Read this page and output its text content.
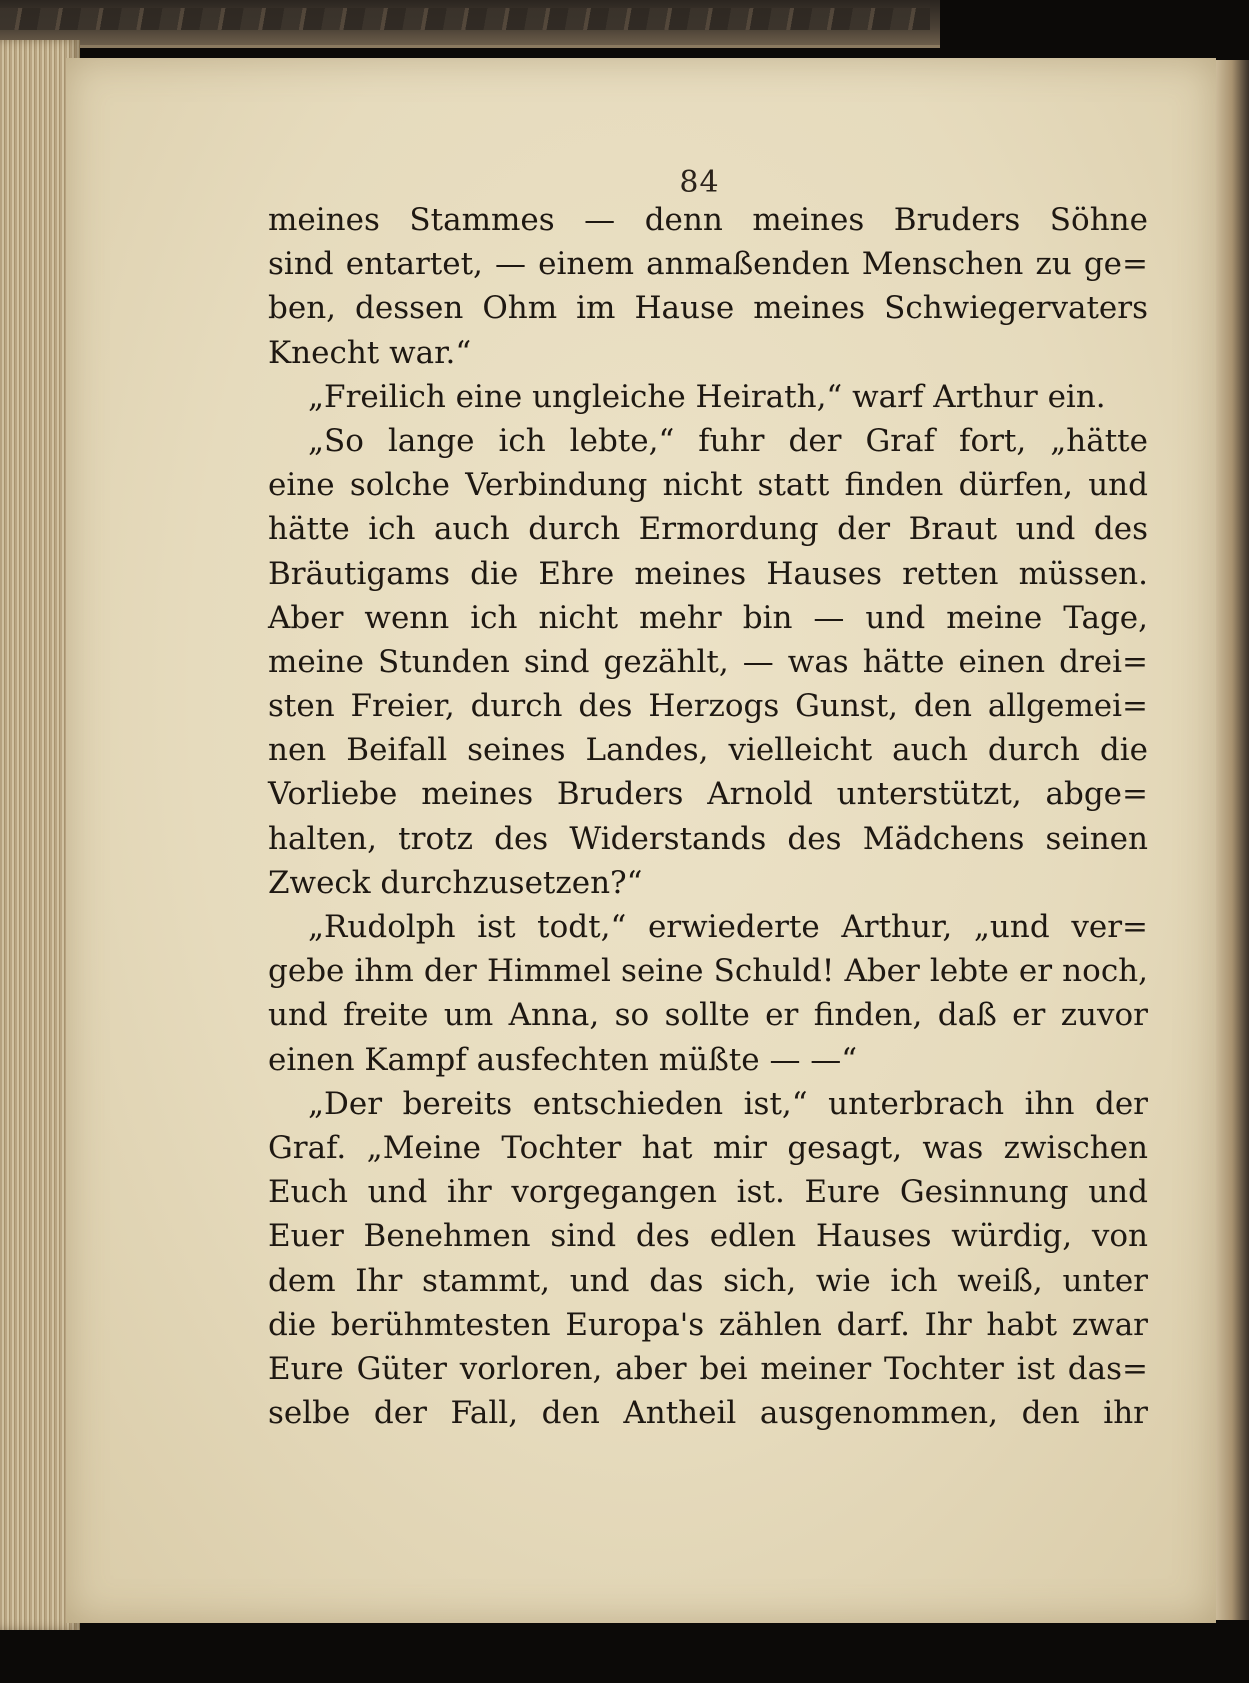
84
meines Stammes — denn meines Bruders Söhne
sind entartet, — einem anmaßenden Menschen zu ge=
ben, dessen Ohm im Hause meines Schwiegervaters
Knecht war.“
„Freilich eine ungleiche Heirath,“ warf Arthur ein.
„So lange ich lebte,“ fuhr der Graf fort, „hätte
eine solche Verbindung nicht statt finden dürfen, und
hätte ich auch durch Ermordung der Braut und des
Bräutigams die Ehre meines Hauses retten müssen.
Aber wenn ich nicht mehr bin — und meine Tage,
meine Stunden sind gezählt, — was hätte einen drei=
sten Freier, durch des Herzogs Gunst, den allgemei=
nen Beifall seines Landes, vielleicht auch durch die
Vorliebe meines Bruders Arnold unterstützt, abge=
halten, trotz des Widerstands des Mädchens seinen
Zweck durchzusetzen?“
„Rudolph ist todt,“ erwiederte Arthur, „und ver=
gebe ihm der Himmel seine Schuld! Aber lebte er noch,
und freite um Anna, so sollte er finden, daß er zuvor
einen Kampf ausfechten müßte — —“
„Der bereits entschieden ist,“ unterbrach ihn der
Graf. „Meine Tochter hat mir gesagt, was zwischen
Euch und ihr vorgegangen ist. Eure Gesinnung und
Euer Benehmen sind des edlen Hauses würdig, von
dem Ihr stammt, und das sich, wie ich weiß, unter
die berühmtesten Europa's zählen darf. Ihr habt zwar
Eure Güter vorloren, aber bei meiner Tochter ist das=
selbe der Fall, den Antheil ausgenommen, den ihr
